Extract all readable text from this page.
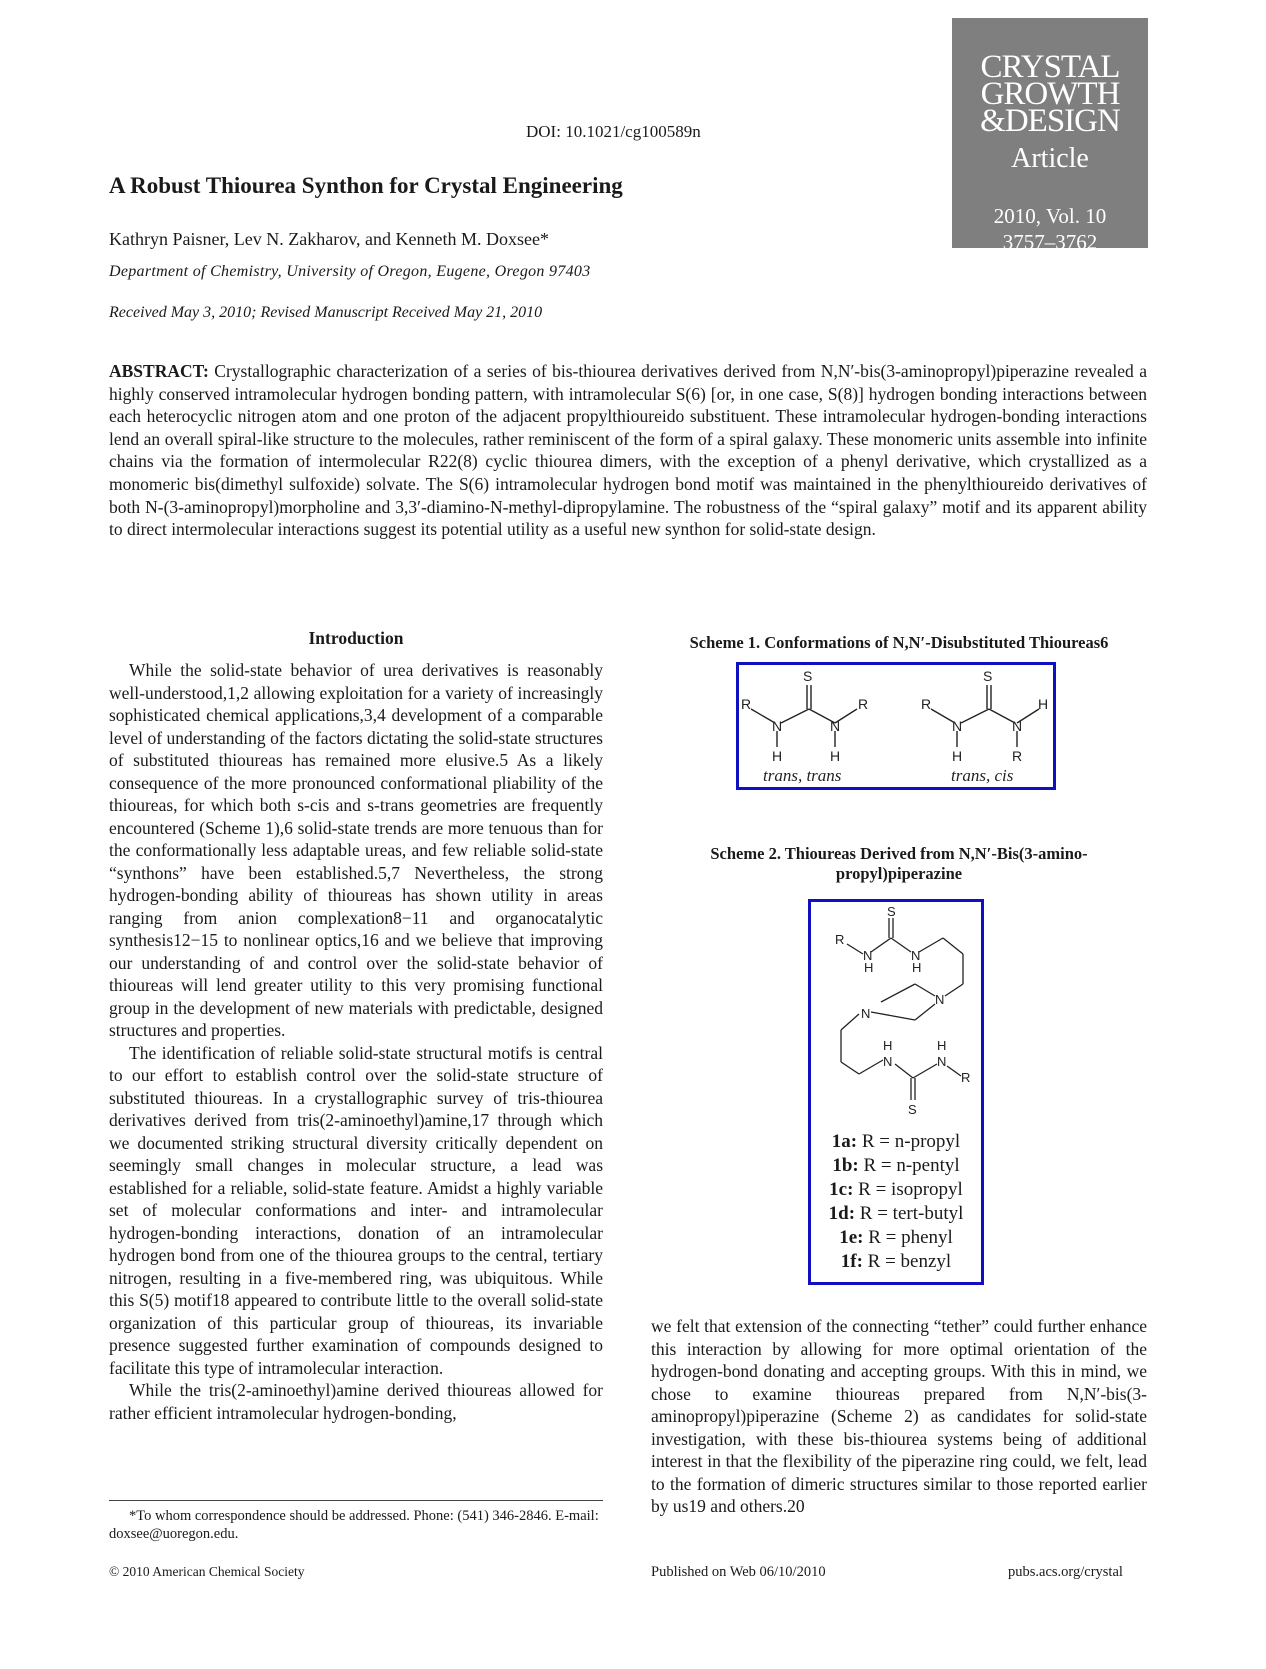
CRYSTAL
GROWTH
&DESIGN
Article
2010, Vol. 10
3757–3762
DOI: 10.1021/cg100589n
A Robust Thiourea Synthon for Crystal Engineering
Kathryn Paisner, Lev N. Zakharov, and Kenneth M. Doxsee*
Department of Chemistry, University of Oregon, Eugene, Oregon 97403
Received May 3, 2010; Revised Manuscript Received May 21, 2010
ABSTRACT: Crystallographic characterization of a series of bis-thiourea derivatives derived from N,N′-bis(3-aminopropyl)piperazine revealed a highly conserved intramolecular hydrogen bonding pattern, with intramolecular S(6) [or, in one case, S(8)] hydrogen bonding interactions between each heterocyclic nitrogen atom and one proton of the adjacent propylthioureido substituent. These intramolecular hydrogen-bonding interactions lend an overall spiral-like structure to the molecules, rather reminiscent of the form of a spiral galaxy. These monomeric units assemble into infinite chains via the formation of intermolecular R22(8) cyclic thiourea dimers, with the exception of a phenyl derivative, which crystallized as a monomeric bis(dimethyl sulfoxide) solvate. The S(6) intramolecular hydrogen bond motif was maintained in the phenylthioureido derivatives of both N-(3-aminopropyl)morpholine and 3,3′-diamino-N-methyl-dipropylamine. The robustness of the “spiral galaxy” motif and its apparent ability to direct intermolecular interactions suggest its potential utility as a useful new synthon for solid-state design.
Introduction

While the solid-state behavior of urea derivatives is reasonably well-understood,1,2 allowing exploitation for a variety of increasingly sophisticated chemical applications,3,4 development of a comparable level of understanding of the factors dictating the solid-state structures of substituted thioureas has remained more elusive.5 As a likely consequence of the more pronounced conformational pliability of the thioureas, for which both s-cis and s-trans geometries are frequently encountered (Scheme 1),6 solid-state trends are more tenuous than for the conformationally less adaptable ureas, and few reliable solid-state “synthons” have been established.5,7 Nevertheless, the strong hydrogen-bonding ability of thioureas has shown utility in areas ranging from anion complexation8−11 and organocatalytic synthesis12−15 to nonlinear optics,16 and we believe that improving our understanding of and control over the solid-state behavior of thioureas will lend greater utility to this very promising functional group in the development of new materials with predictable, designed structures and properties.

The identification of reliable solid-state structural motifs is central to our effort to establish control over the solid-state structure of substituted thioureas. In a crystallographic survey of tris-thiourea derivatives derived from tris(2-aminoethyl)amine,17 through which we documented striking structural diversity critically dependent on seemingly small changes in molecular structure, a lead was established for a reliable, solid-state feature. Amidst a highly variable set of molecular conformations and inter- and intramolecular hydrogen-bonding interactions, donation of an intramolecular hydrogen bond from one of the thiourea groups to the central, tertiary nitrogen, resulting in a five-membered ring, was ubiquitous. While this S(5) motif18 appeared to contribute little to the overall solid-state organization of this particular group of thioureas, its invariable presence suggested further examination of compounds designed to facilitate this type of intramolecular interaction.

While the tris(2-aminoethyl)amine derived thioureas allowed for rather efficient intramolecular hydrogen-bonding,

Scheme 1. Conformations of N,N′-Disubstituted Thioureas6
S
N	N
R	R
H	H
S
N	N
R	H
H	R
trans, trans	trans, cis
Scheme 2. Thioureas Derived from N,N′-Bis(3-amino-propyl)piperazine
S
R
N
H
N
H
N
N
H
N
H
N
R
S
1a: R = n-propyl
1b: R = n-pentyl
1c: R = isopropyl
1d: R = tert-butyl
1e: R = phenyl
1f: R = benzyl
we felt that extension of the connecting “tether” could further enhance this interaction by allowing for more optimal orientation of the hydrogen-bond donating and accepting groups. With this in mind, we chose to examine thioureas prepared from N,N′-bis(3-aminopropyl)piperazine (Scheme 2) as candidates for solid-state investigation, with these bis-thiourea systems being of additional interest in that the flexibility of the piperazine ring could, we felt, lead to the formation of dimeric structures similar to those reported earlier by us19 and others.20
*To whom correspondence should be addressed. Phone: (541) 346-2846. E-mail: doxsee@uoregon.edu.
© 2010 American Chemical Society	Published on Web 06/10/2010	pubs.acs.org/crystal
